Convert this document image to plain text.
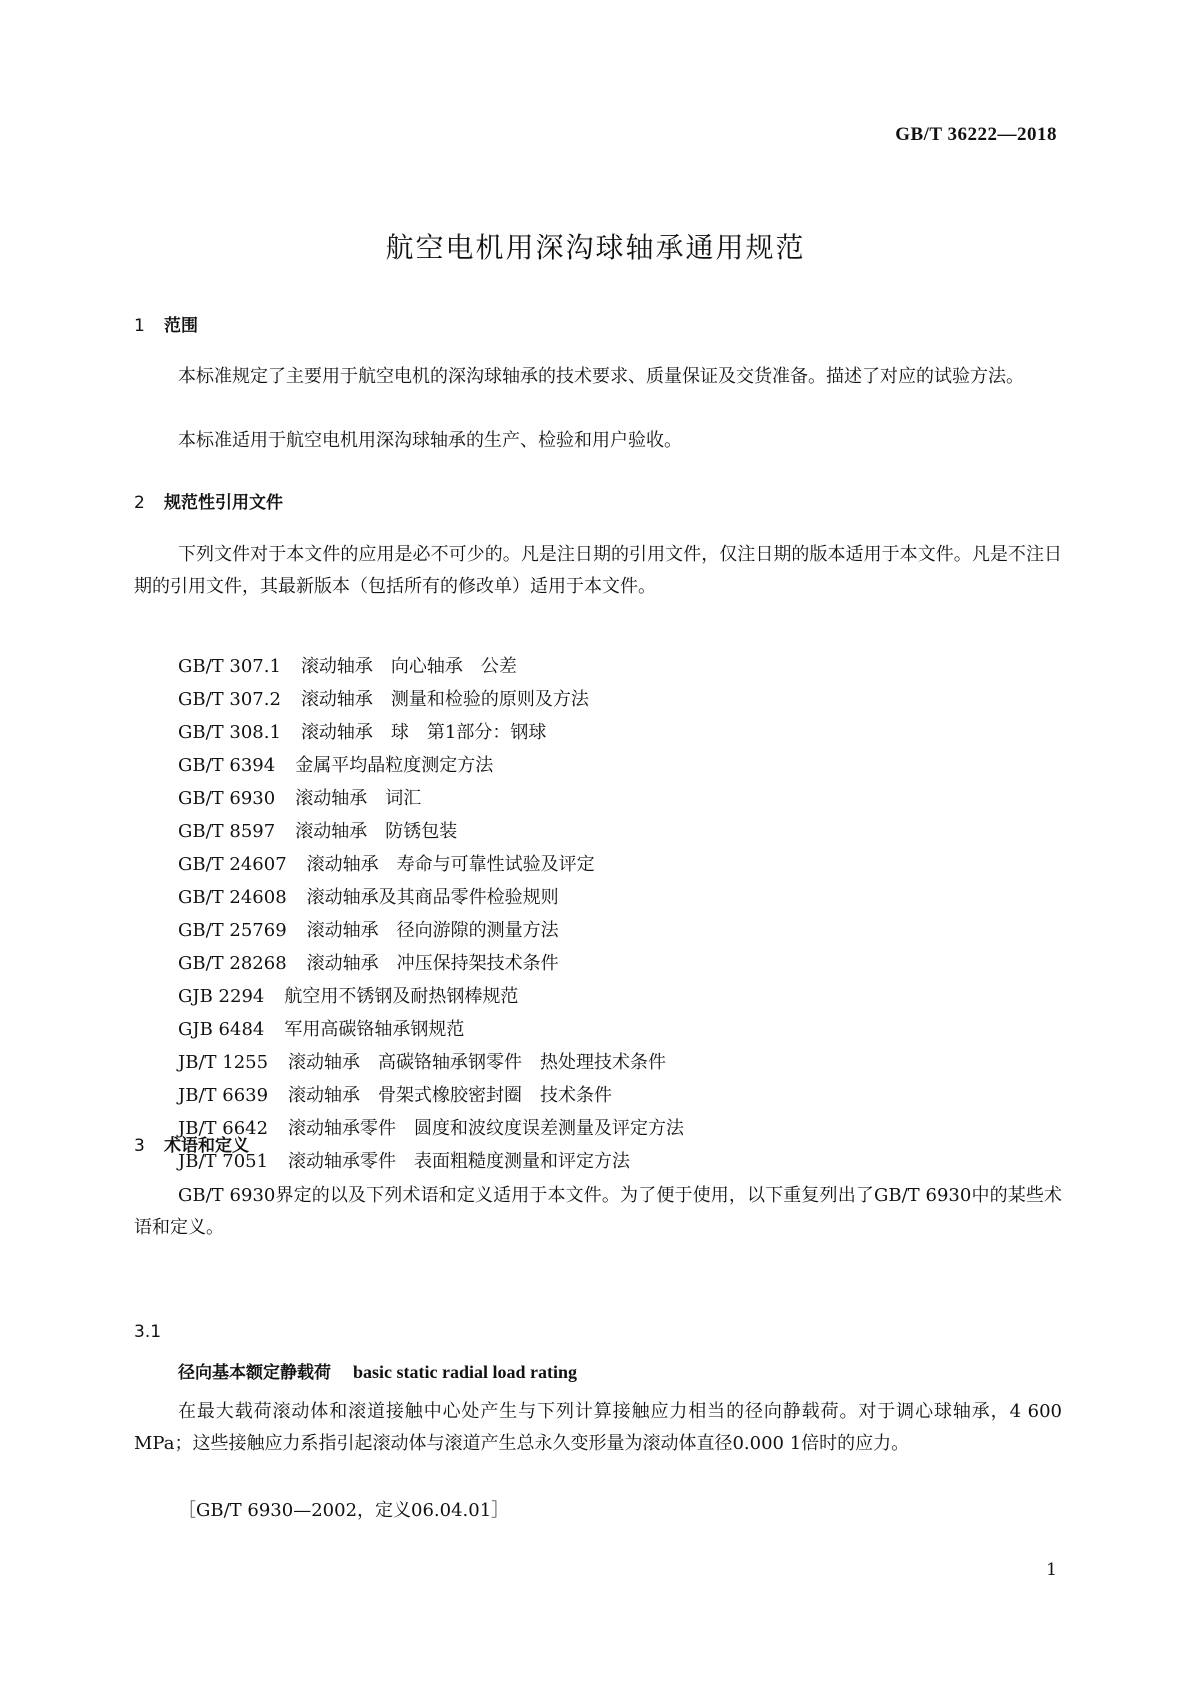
GB/T 36222—2018
航空电机用深沟球轴承通用规范
1 范围

本标准规定了主要用于航空电机的深沟球轴承的技术要求、质量保证及交货准备。描述了对应的试验方法。

本标准适用于航空电机用深沟球轴承的生产、检验和用户验收。

2 规范性引用文件

下列文件对于本文件的应用是必不可少的。凡是注日期的引用文件，仅注日期的版本适用于本文件。凡是不注日期的引用文件，其最新版本（包括所有的修改单）适用于本文件。

GB/T 307.1 滚动轴承　向心轴承　公差
GB/T 307.2 滚动轴承　测量和检验的原则及方法
GB/T 308.1 滚动轴承　球　第1部分：钢球
GB/T 6394 金属平均晶粒度测定方法
GB/T 6930 滚动轴承　词汇
GB/T 8597 滚动轴承　防锈包装
GB/T 24607 滚动轴承　寿命与可靠性试验及评定
GB/T 24608 滚动轴承及其商品零件检验规则
GB/T 25769 滚动轴承　径向游隙的测量方法
GB/T 28268 滚动轴承　冲压保持架技术条件
GJB 2294 航空用不锈钢及耐热钢棒规范
GJB 6484 军用高碳铬轴承钢规范
JB/T 1255 滚动轴承　高碳铬轴承钢零件　热处理技术条件
JB/T 6639 滚动轴承　骨架式橡胶密封圈　技术条件
JB/T 6642 滚动轴承零件　圆度和波纹度误差测量及评定方法
JB/T 7051 滚动轴承零件　表面粗糙度测量和评定方法
3 术语和定义

GB/T 6930界定的以及下列术语和定义适用于本文件。为了便于使用，以下重复列出了GB/T 6930中的某些术语和定义。

3.1
径向基本额定静载荷 basic static radial load rating

在最大载荷滚动体和滚道接触中心处产生与下列计算接触应力相当的径向静载荷。对于调心球轴承，4 600 MPa；这些接触应力系指引起滚动体与滚道产生总永久变形量为滚动体直径0.000 1倍时的应力。

［GB/T 6930—2002，定义06.04.01］
1
